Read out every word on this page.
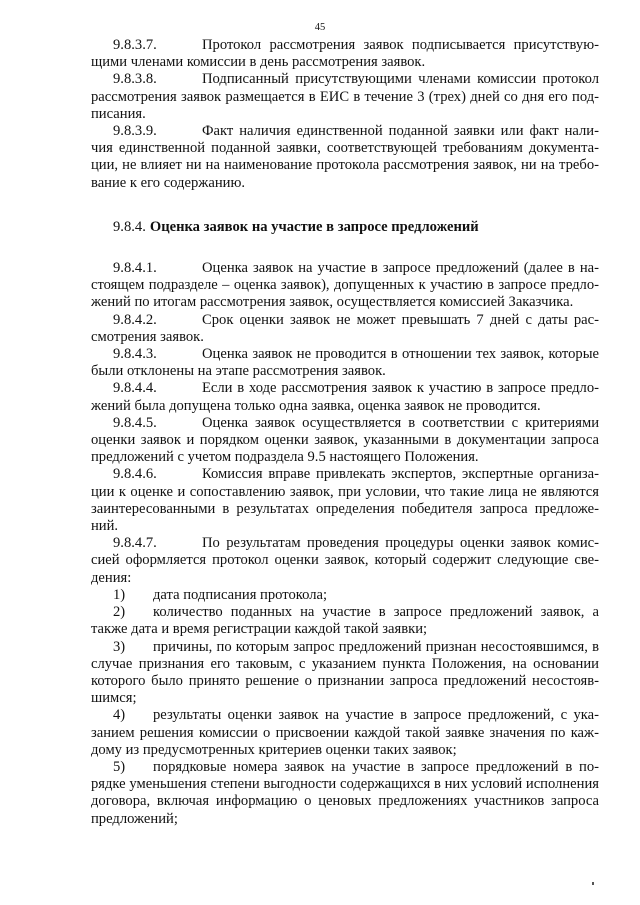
45

9.8.3.7.	Протокол рассмотрения заявок подписывается присутствующими членами комиссии в день рассмотрения заявок.

9.8.3.8.	Подписанный присутствующими членами комиссии протокол рассмотрения заявок размещается в ЕИС в течение 3 (трех) дней со дня его подписания.

9.8.3.9.	Факт наличия единственной поданной заявки или факт наличия единственной поданной заявки, соответствующей требованиям документации, не влияет ни на наименование протокола рассмотрения заявок, ни на требование к его содержанию.

9.8.4. Оценка заявок на участие в запросе предложений

9.8.4.1.	Оценка заявок на участие в запросе предложений (далее в настоящем подразделе – оценка заявок), допущенных к участию в запросе предложений по итогам рассмотрения заявок, осуществляется комиссией Заказчика.

9.8.4.2.	Срок оценки заявок не может превышать 7 дней с даты рассмотрения заявок.

9.8.4.3.	Оценка заявок не проводится в отношении тех заявок, которые были отклонены на этапе рассмотрения заявок.

9.8.4.4.	Если в ходе рассмотрения заявок к участию в запросе предложений была допущена только одна заявка, оценка заявок не проводится.

9.8.4.5.	Оценка заявок осуществляется в соответствии с критериями оценки заявок и порядком оценки заявок, указанными в документации запроса предложений с учетом подраздела 9.5 настоящего Положения.

9.8.4.6.	Комиссия вправе привлекать экспертов, экспертные организации к оценке и сопоставлению заявок, при условии, что такие лица не являются заинтересованными в результатах определения победителя запроса предложений.

9.8.4.7.	По результатам проведения процедуры оценки заявок комиссией оформляется протокол оценки заявок, который содержит следующие сведения:

1) дата подписания протокола;

2) количество поданных на участие в запросе предложений заявок, а также дата и время регистрации каждой такой заявки;

3) причины, по которым запрос предложений признан несостоявшимся, в случае признания его таковым, с указанием пункта Положения, на основании которого было принято решение о признании запроса предложений несостоявшимся;

4) результаты оценки заявок на участие в запросе предложений, с указанием решения комиссии о присвоении каждой такой заявке значения по каждому из предусмотренных критериев оценки таких заявок;

5) порядковые номера заявок на участие в запросе предложений в порядке уменьшения степени выгодности содержащихся в них условий исполнения договора, включая информацию о ценовых предложениях участников запроса предложений;
